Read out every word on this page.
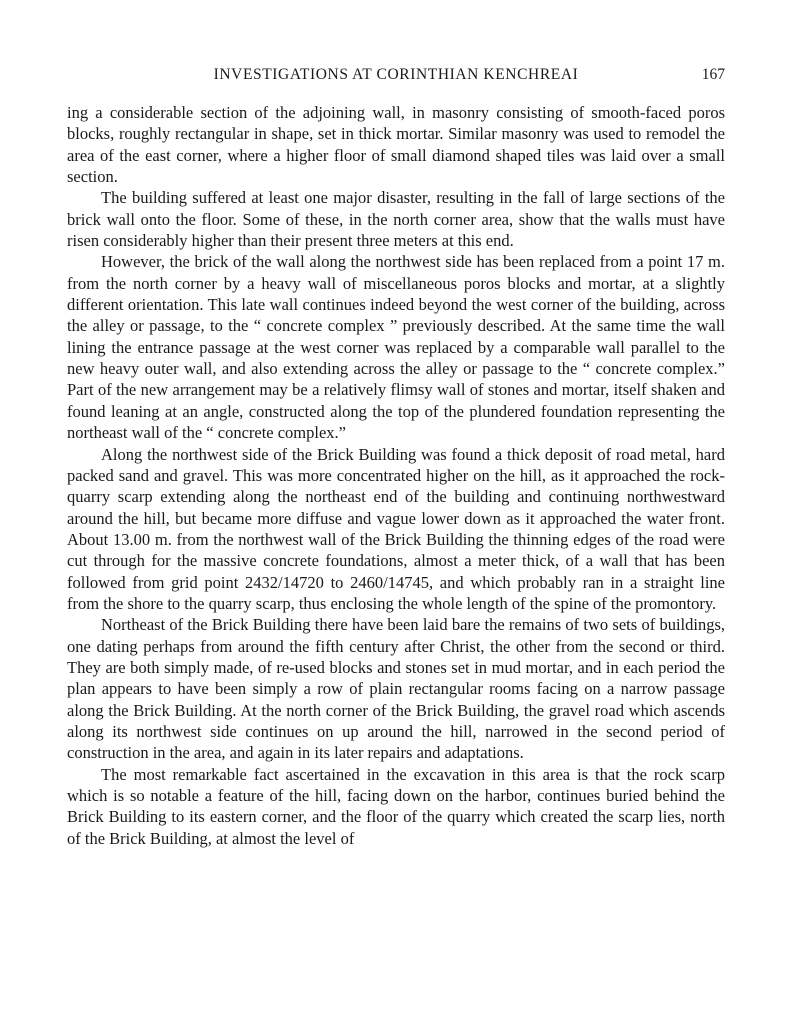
INVESTIGATIONS AT CORINTHIAN KENCHREAI	167

ing a considerable section of the adjoining wall, in masonry consisting of smooth-faced poros blocks, roughly rectangular in shape, set in thick mortar. Similar masonry was used to remodel the area of the east corner, where a higher floor of small diamond shaped tiles was laid over a small section.

The building suffered at least one major disaster, resulting in the fall of large sections of the brick wall onto the floor. Some of these, in the north corner area, show that the walls must have risen considerably higher than their present three meters at this end.

However, the brick of the wall along the northwest side has been replaced from a point 17 m. from the north corner by a heavy wall of miscellaneous poros blocks and mortar, at a slightly different orientation. This late wall continues indeed beyond the west corner of the building, across the alley or passage, to the “ concrete complex ” previously described. At the same time the wall lining the entrance passage at the west corner was replaced by a comparable wall parallel to the new heavy outer wall, and also extending across the alley or passage to the “ concrete complex.” Part of the new arrangement may be a relatively flimsy wall of stones and mortar, itself shaken and found leaning at an angle, constructed along the top of the plundered foundation representing the northeast wall of the “ concrete complex.”

Along the northwest side of the Brick Building was found a thick deposit of road metal, hard packed sand and gravel. This was more concentrated higher on the hill, as it approached the rock-quarry scarp extending along the northeast end of the building and continuing northwestward around the hill, but became more diffuse and vague lower down as it approached the water front. About 13.00 m. from the northwest wall of the Brick Building the thinning edges of the road were cut through for the massive concrete foundations, almost a meter thick, of a wall that has been followed from grid point 2432/14720 to 2460/14745, and which probably ran in a straight line from the shore to the quarry scarp, thus enclosing the whole length of the spine of the promontory.

Northeast of the Brick Building there have been laid bare the remains of two sets of buildings, one dating perhaps from around the fifth century after Christ, the other from the second or third. They are both simply made, of re-used blocks and stones set in mud mortar, and in each period the plan appears to have been simply a row of plain rectangular rooms facing on a narrow passage along the Brick Building. At the north corner of the Brick Building, the gravel road which ascends along its northwest side continues on up around the hill, narrowed in the second period of construction in the area, and again in its later repairs and adaptations.

The most remarkable fact ascertained in the excavation in this area is that the rock scarp which is so notable a feature of the hill, facing down on the harbor, continues buried behind the Brick Building to its eastern corner, and the floor of the quarry which created the scarp lies, north of the Brick Building, at almost the level of
